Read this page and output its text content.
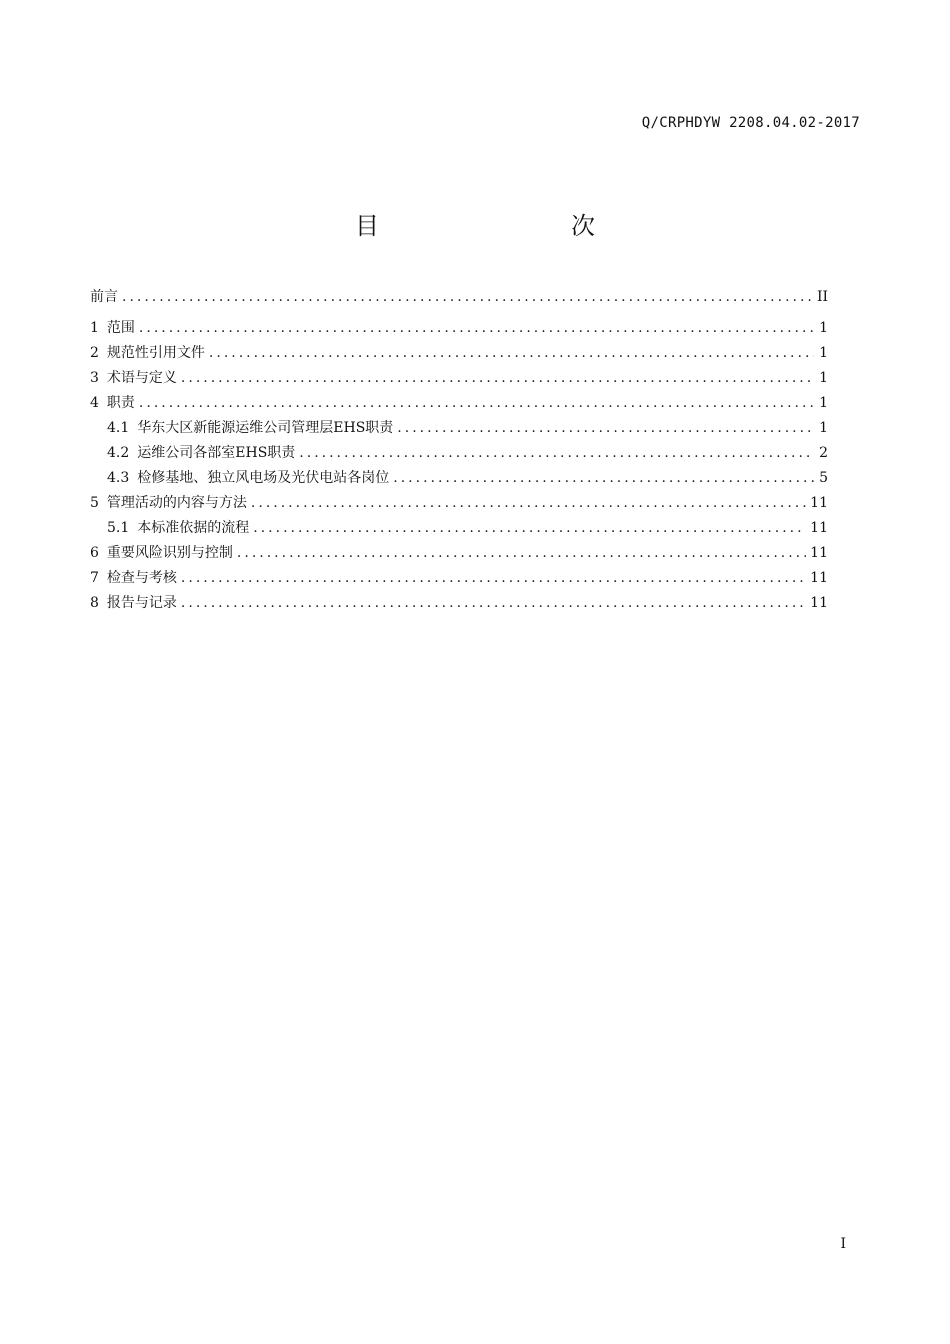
Q/CRPHDYW 2208.04.02-2017
目　　次
前言 .....	II
1 范围 .....	1
2 规范性引用文件 .....	1
3 术语与定义 .....	1
4 职责 .....	1
4.1 华东大区新能源运维公司管理层EHS职责 .....	1
4.2 运维公司各部室EHS职责 .....	2
4.3 检修基地、独立风电场及光伏电站各岗位 .....	5
5 管理活动的内容与方法 .....	11
5.1 本标准依据的流程 .....	11
6 重要风险识别与控制 .....	11
7 检查与考核 .....	11
8 报告与记录 .....	11
I
